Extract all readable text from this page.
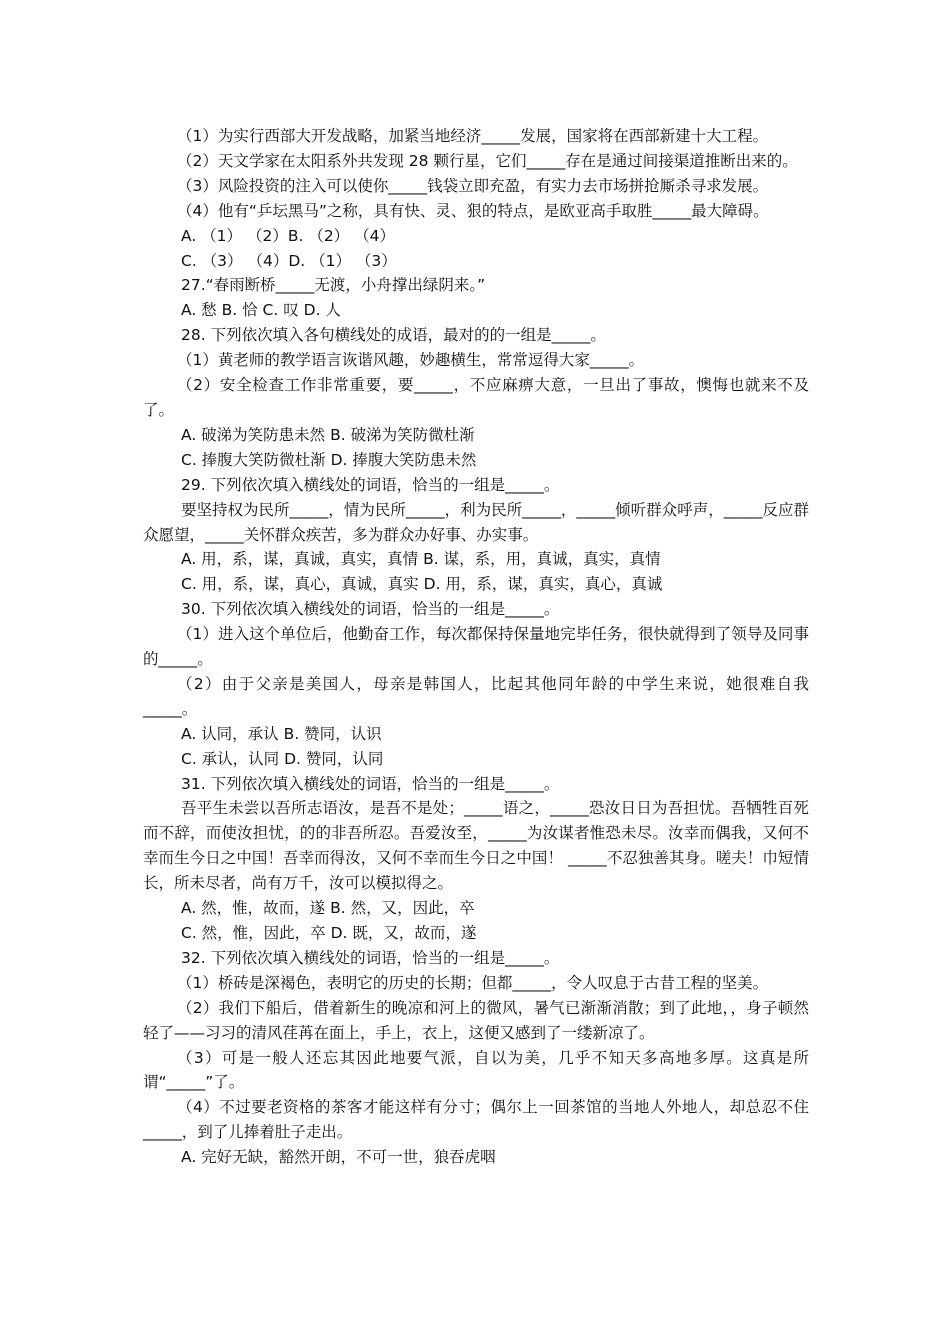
（1）为实行西部大开发战略，加紧当地经济_____发展，国家将在西部新建十大工程。

（2）天文学家在太阳系外共发现 28 颗行星，它们_____存在是通过间接渠道推断出来的。

（3）风险投资的注入可以使你_____钱袋立即充盈，有实力去市场拼抢厮杀寻求发展。

（4）他有“乒坛黑马”之称，具有快、灵、狠的特点，是欧亚高手取胜_____最大障碍。

A. （1） （2）B. （2） （4）

C. （3） （4）D. （1） （3）

27.“春雨断桥_____无渡，小舟撑出绿阴来。”

A. 愁 B. 恰 C. 叹 D. 人

28. 下列依次填入各句横线处的成语，最对的的一组是_____。

（1）黄老师的教学语言诙谐风趣，妙趣横生，常常逗得大家_____。

（2）安全检查工作非常重要，要_____，不应麻痹大意，一旦出了事故，懊悔也就来不及了。

A. 破涕为笑防患未然 B. 破涕为笑防微杜渐

C. 捧腹大笑防微杜渐 D. 捧腹大笑防患未然

29. 下列依次填入横线处的词语，恰当的一组是_____。

要坚持权为民所_____，情为民所_____，利为民所_____，_____倾听群众呼声，_____反应群众愿望，_____关怀群众疾苦，多为群众办好事、办实事。

A. 用，系，谋，真诚，真实，真情 B. 谋，系，用，真诚，真实，真情

C. 用，系，谋，真心，真诚，真实 D. 用，系，谋，真实，真心，真诚

30. 下列依次填入横线处的词语，恰当的一组是_____。

（1）进入这个单位后，他勤奋工作，每次都保持保量地完毕任务，很快就得到了领导及同事的_____。

（2）由于父亲是美国人，母亲是韩国人，比起其他同年龄的中学生来说，她很难自我_____。

A. 认同，承认 B. 赞同，认识

C. 承认，认同 D. 赞同，认同

31. 下列依次填入横线处的词语，恰当的一组是_____。

吾平生未尝以吾所志语汝，是吾不是处；_____语之，_____恐汝日日为吾担忧。吾牺牲百死而不辞，而使汝担忧，的的非吾所忍。吾爱汝至，_____为汝谋者惟恐未尽。汝幸而偶我，又何不幸而生今日之中国！吾幸而得汝，又何不幸而生今日之中国！ _____不忍独善其身。嗟夫！巾短情长，所未尽者，尚有万千，汝可以模拟得之。

A. 然，惟，故而，遂 B. 然，又，因此，卒

C. 然，惟，因此，卒 D. 既，又，故而，遂

32. 下列依次填入横线处的词语，恰当的一组是_____。

（1）桥砖是深褐色，表明它的历史的长期；但都_____，令人叹息于古昔工程的坚美。

（2）我们下船后，借着新生的晚凉和河上的微风，暑气已渐渐消散；到了此地，，身子顿然轻了——习习的清风荏苒在面上，手上，衣上，这便又感到了一缕新凉了。

（3）可是一般人还忘其因此地要气派，自以为美，几乎不知天多高地多厚。这真是所谓“_____”了。

（4）不过要老资格的茶客才能这样有分寸；偶尔上一回茶馆的当地人外地人，却总忍不住_____，到了儿捧着肚子走出。

A. 完好无缺，豁然开朗，不可一世，狼吞虎咽
